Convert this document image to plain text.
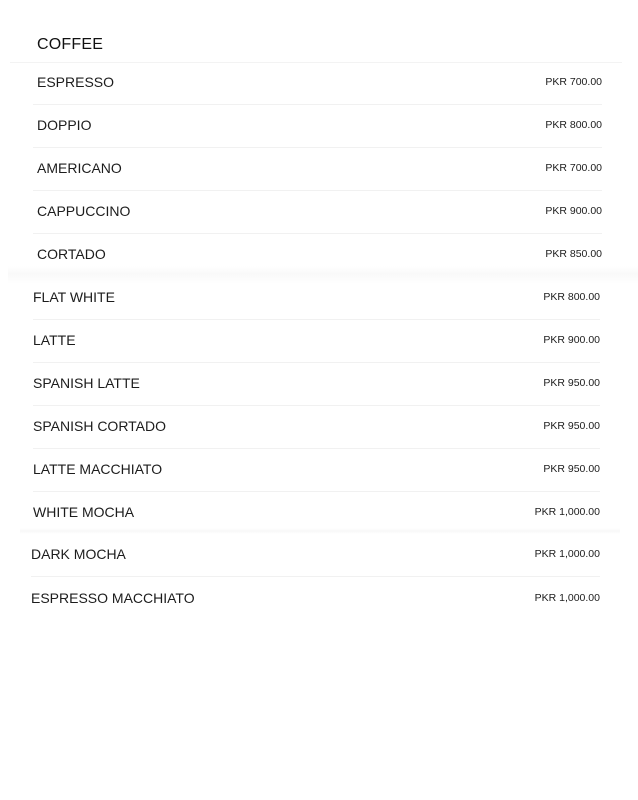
COFFEE
ESPRESSO	PKR 700.00
DOPPIO	PKR 800.00
AMERICANO	PKR 700.00
CAPPUCCINO	PKR 900.00
CORTADO	PKR 850.00
FLAT WHITE	PKR 800.00
LATTE	PKR 900.00
SPANISH LATTE	PKR 950.00
SPANISH CORTADO	PKR 950.00
LATTE MACCHIATO	PKR 950.00
WHITE MOCHA	PKR 1,000.00
DARK MOCHA	PKR 1,000.00
ESPRESSO MACCHIATO	PKR 1,000.00
